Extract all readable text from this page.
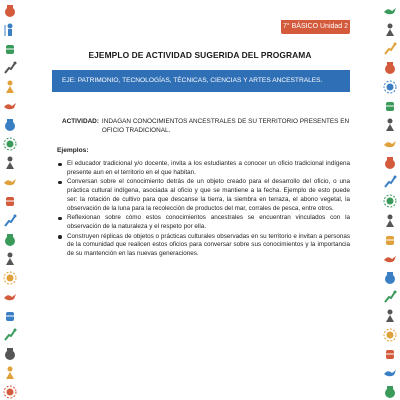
7° BÁSICO Unidad 2
EJEMPLO DE ACTIVIDAD SUGERIDA DEL PROGRAMA
EJE: PATRIMONIO, TECNOLOGÍAS, TÉCNICAS, CIENCIAS Y ARTES ANCESTRALES.
ACTIVIDAD: INDAGAN CONOCIMIENTOS ANCESTRALES DE SU TERRITORIO PRESENTES EN OFICIO TRADICIONAL.
Ejemplos:
El educador tradicional y/o docente, invita a los estudiantes a conocer un oficio tradicional indígena presente aun en el territorio en el que habitan.
Conversan sobre el conocimiento detrás de un objeto creado para el desarrollo del oficio, o una práctica cultural indígena, asociada al oficio y que se mantiene a la fecha. Ejemplo de esto puede ser: la rotación de cultivo para que descanse la tierra, la siembra en terraza, el abono vegetal, la observación de la luna para la recolección de productos del mar, corrales de pesca, entre otros.
Reflexionan sobre cómo estos conocimientos ancestrales se encuentran vinculados con la observación de la naturaleza y el respeto por ella.
Construyen réplicas de objetos o prácticas culturales observadas en su territorio e invitan a personas de la comunidad que realicen estos oficios para conversar sobre sus conocimientos y la importancia de su mantención en las nuevas generaciones.
